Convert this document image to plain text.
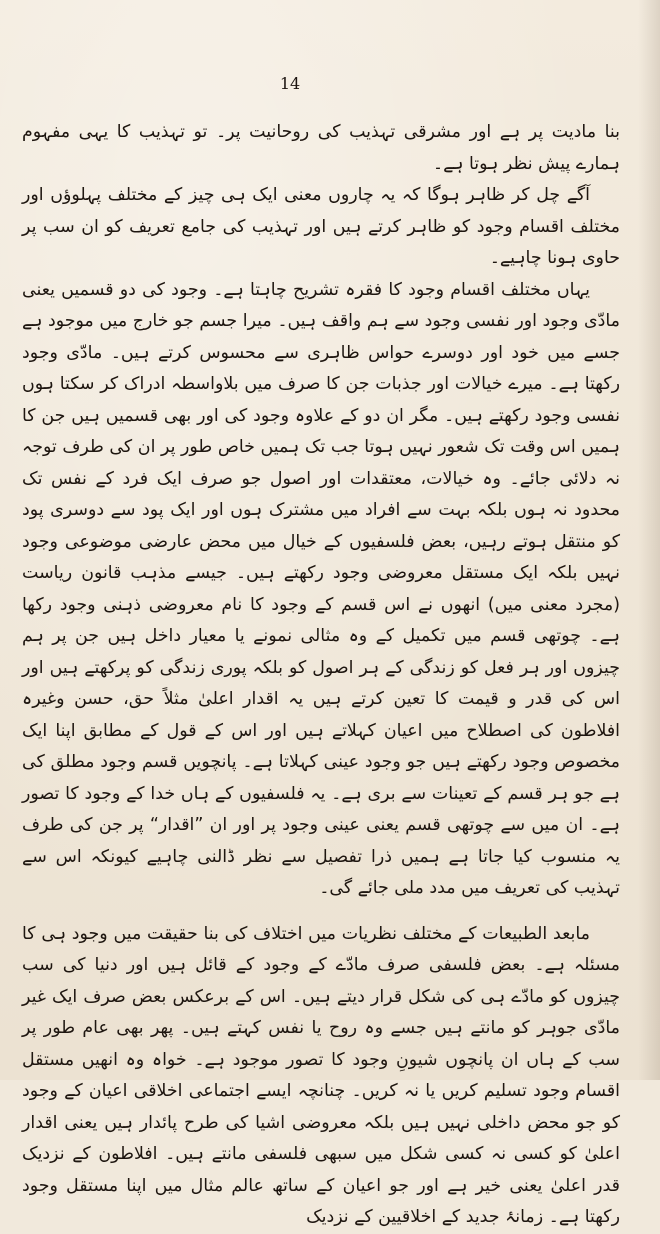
14

بنا مادیت پر ہے اور مشرقی تہذیب کی روحانیت پر۔ تو تہذیب کا یہی مفہوم ہمارے پیش نظر ہوتا ہے۔

آگے چل کر ظاہر ہوگا کہ یہ چاروں معنی ایک ہی چیز کے مختلف پہلوؤں اور مختلف اقسام وجود کو ظاہر کرتے ہیں اور تہذیب کی جامع تعریف کو ان سب پر حاوی ہونا چاہیے۔

یہاں مختلف اقسام وجود کا فقرہ تشریح چاہتا ہے۔ وجود کی دو قسمیں یعنی مادّی وجود اور نفسی وجود سے ہم واقف ہیں۔ میرا جسم جو خارج میں موجود ہے جسے میں خود اور دوسرے حواس ظاہری سے محسوس کرتے ہیں۔ مادّی وجود رکھتا ہے۔ میرے خیالات اور جذبات جن کا صرف میں بلاواسطہ ادراک کر سکتا ہوں نفسی وجود رکھتے ہیں۔ مگر ان دو کے علاوہ وجود کی اور بھی قسمیں ہیں جن کا ہمیں اس وقت تک شعور نہیں ہوتا جب تک ہمیں خاص طور پر ان کی طرف توجہ نہ دلائی جائے۔ وہ خیالات، معتقدات اور اصول جو صرف ایک فرد کے نفس تک محدود نہ ہوں بلکہ بہت سے افراد میں مشترک ہوں اور ایک پود سے دوسری پود کو منتقل ہوتے رہیں، بعض فلسفیوں کے خیال میں محض عارضی موضوعی وجود نہیں بلکہ ایک مستقل معروضی وجود رکھتے ہیں۔ جیسے مذہب قانون ریاست (مجرد معنی میں) انھوں نے اس قسم کے وجود کا نام معروضی ذہنی وجود رکھا ہے۔ چوتھی قسم میں تکمیل کے وہ مثالی نمونے یا معیار داخل ہیں جن پر ہم چیزوں اور ہر فعل کو زندگی کے ہر اصول کو بلکہ پوری زندگی کو پرکھتے ہیں اور اس کی قدر و قیمت کا تعین کرتے ہیں یہ اقدار اعلیٰ مثلاً حق، حسن وغیرہ افلاطون کی اصطلاح میں اعیان کہلاتے ہیں اور اس کے قول کے مطابق اپنا ایک مخصوص وجود رکھتے ہیں جو وجود عینی کہلاتا ہے۔ پانچویں قسم وجود مطلق کی ہے جو ہر قسم کے تعینات سے بری ہے۔ یہ فلسفیوں کے ہاں خدا کے وجود کا تصور ہے۔ ان میں سے چوتھی قسم یعنی عینی وجود پر اور ان ”اقدار“ پر جن کی طرف یہ منسوب کیا جاتا ہے ہمیں ذرا تفصیل سے نظر ڈالنی چاہیے کیونکہ اس سے تہذیب کی تعریف میں مدد ملی جائے گی۔

مابعد الطبیعات کے مختلف نظریات میں اختلاف کی بنا حقیقت میں وجود ہی کا مسئلہ ہے۔ بعض فلسفی صرف مادّے کے وجود کے قائل ہیں اور دنیا کی سب چیزوں کو مادّے ہی کی شکل قرار دیتے ہیں۔ اس کے برعکس بعض صرف ایک غیر مادّی جوہر کو مانتے ہیں جسے وہ روح یا نفس کہتے ہیں۔ پھر بھی عام طور پر سب کے ہاں ان پانچوں شیونِ وجود کا تصور موجود ہے۔ خواہ وہ انھیں مستقل اقسام وجود تسلیم کریں یا نہ کریں۔ چنانچہ ایسے اجتماعی اخلاقی اعیان کے وجود کو جو محض داخلی نہیں ہیں بلکہ معروضی اشیا کی طرح پائدار ہیں یعنی اقدار اعلیٰ کو کسی نہ کسی شکل میں سبھی فلسفی مانتے ہیں۔ افلاطون کے نزدیک قدر اعلیٰ یعنی خیر ہے اور جو اعیان کے ساتھ عالم مثال میں اپنا مستقل وجود رکھتا ہے۔ زمانۂ جدید کے اخلاقیین کے نزدیک
